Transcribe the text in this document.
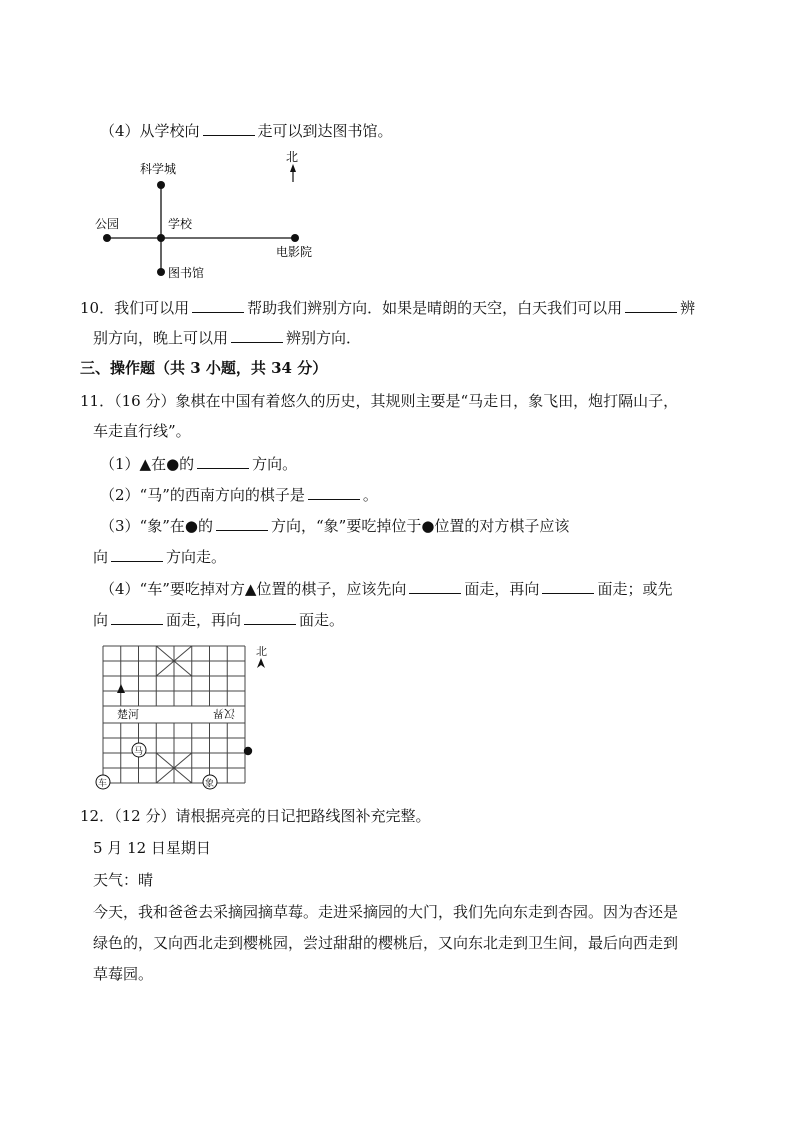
（4）从学校向	走可以到达图书馆。
北
科学城
公园	学校
电影院
图书馆
10．我们可以用	帮助我们辨别方向．如果是晴朗的天空，白天我们可以用	辨
别方向，晚上可以用	辨别方向．
三、操作题（共 3 小题，共 34 分）
11．（16 分）象棋在中国有着悠久的历史，其规则主要是“马走日，象飞田，炮打隔山子，
车走直行线”。
（1）▲在●的	方向。
（2）“马”的西南方向的棋子是	。
（3）“象”在●的	方向，“象”要吃掉位于●位置的对方棋子应该
向	方向走。
（4）“车”要吃掉对方▲位置的棋子，应该先向	面走，再向	面走；或先
向	面走，再向	面走。
楚河	汉界
马
车	象
北
12．（12 分）请根据亮亮的日记把路线图补充完整。
5 月 12 日星期日
天气：晴
今天，我和爸爸去采摘园摘草莓。走进采摘园的大门，我们先向东走到杏园。因为杏还是
绿色的，又向西北走到樱桃园，尝过甜甜的樱桃后，又向东北走到卫生间，最后向西走到
草莓园。
